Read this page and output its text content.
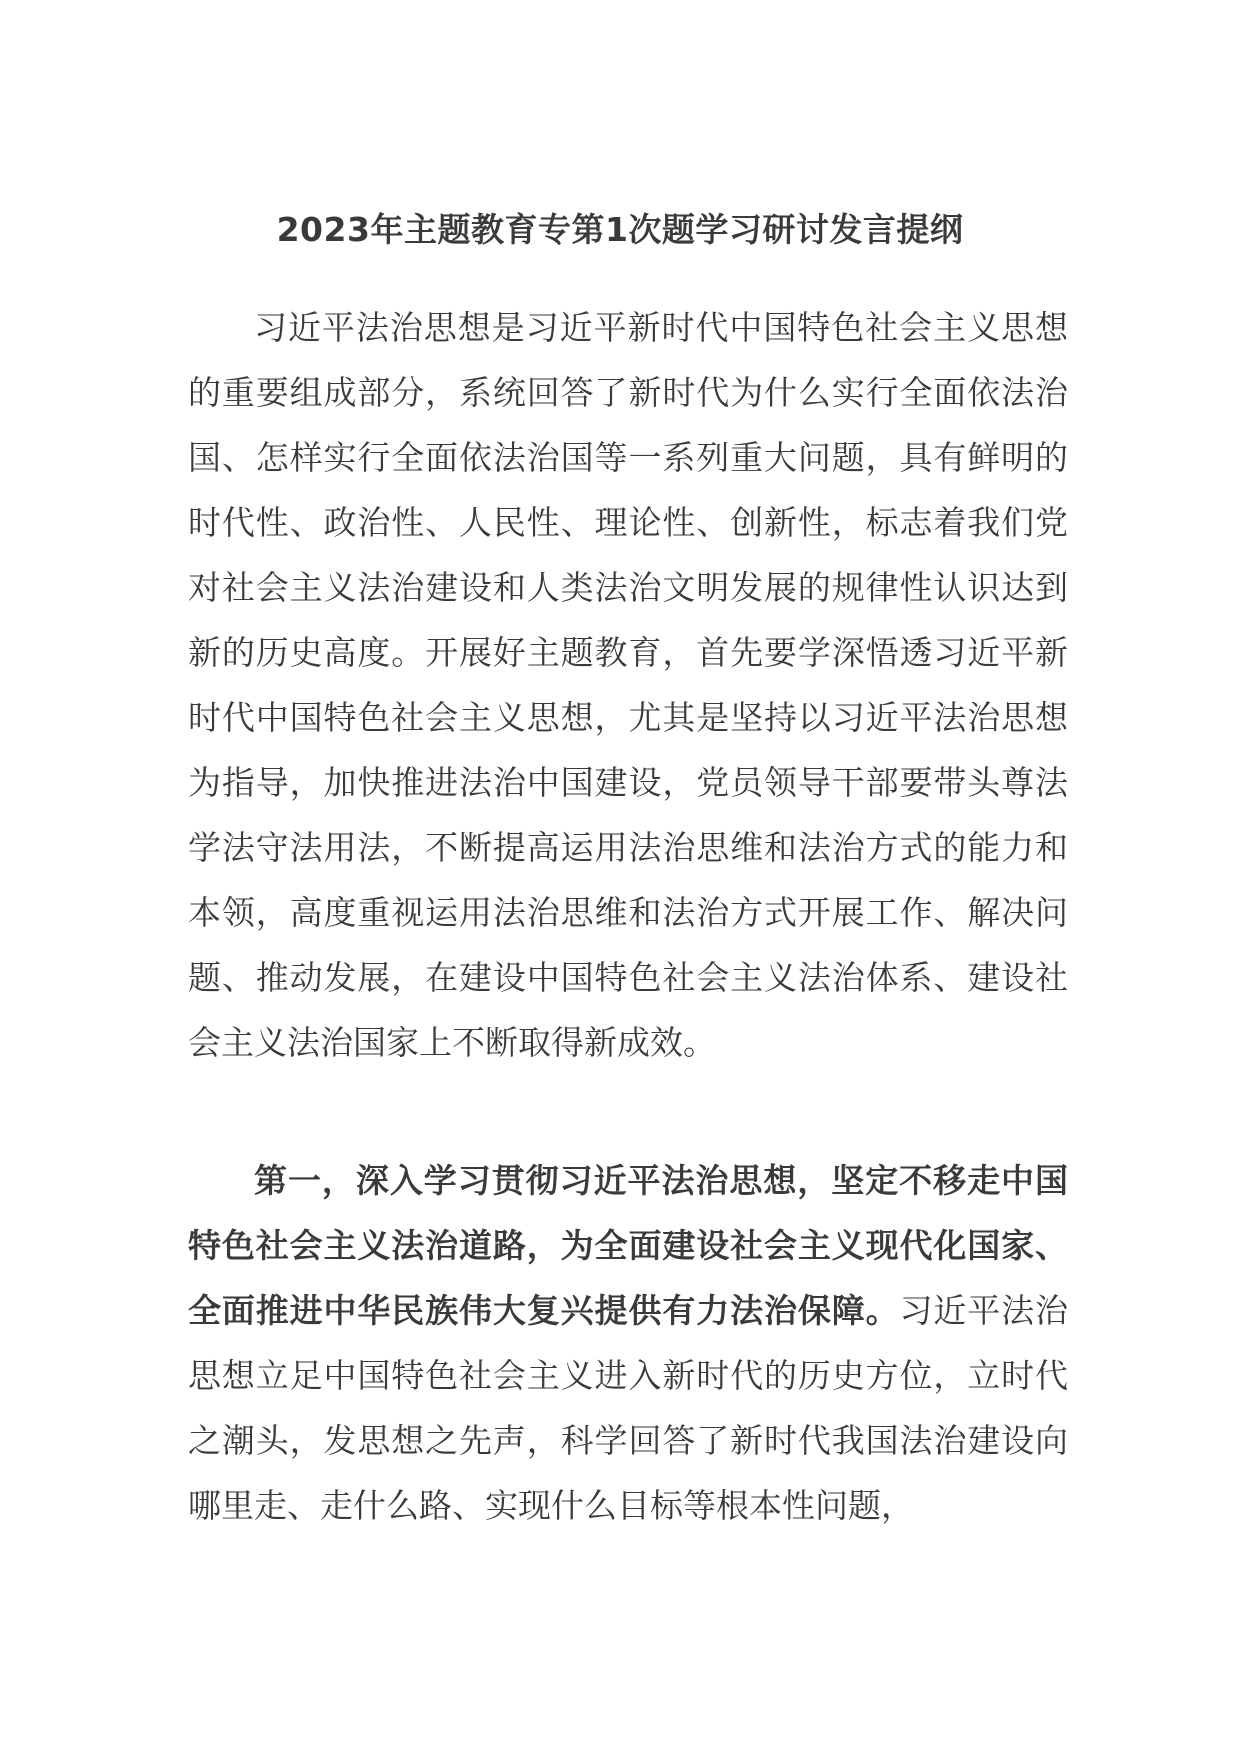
2023年主题教育专第1次题学习研讨发言提纲

习近平法治思想是习近平新时代中国特色社会主义思想的重要组成部分，系统回答了新时代为什么实行全面依法治国、怎样实行全面依法治国等一系列重大问题，具有鲜明的时代性、政治性、人民性、理论性、创新性，标志着我们党对社会主义法治建设和人类法治文明发展的规律性认识达到新的历史高度。开展好主题教育，首先要学深悟透习近平新时代中国特色社会主义思想，尤其是坚持以习近平法治思想为指导，加快推进法治中国建设，党员领导干部要带头尊法学法守法用法，不断提高运用法治思维和法治方式的能力和本领，高度重视运用法治思维和法治方式开展工作、解决问题、推动发展，在建设中国特色社会主义法治体系、建设社会主义法治国家上不断取得新成效。

第一，深入学习贯彻习近平法治思想，坚定不移走中国特色社会主义法治道路，为全面建设社会主义现代化国家、全面推进中华民族伟大复兴提供有力法治保障。习近平法治思想立足中国特色社会主义进入新时代的历史方位，立时代之潮头，发思想之先声，科学回答了新时代我国法治建设向哪里走、走什么路、实现什么目标等根本性问题，
